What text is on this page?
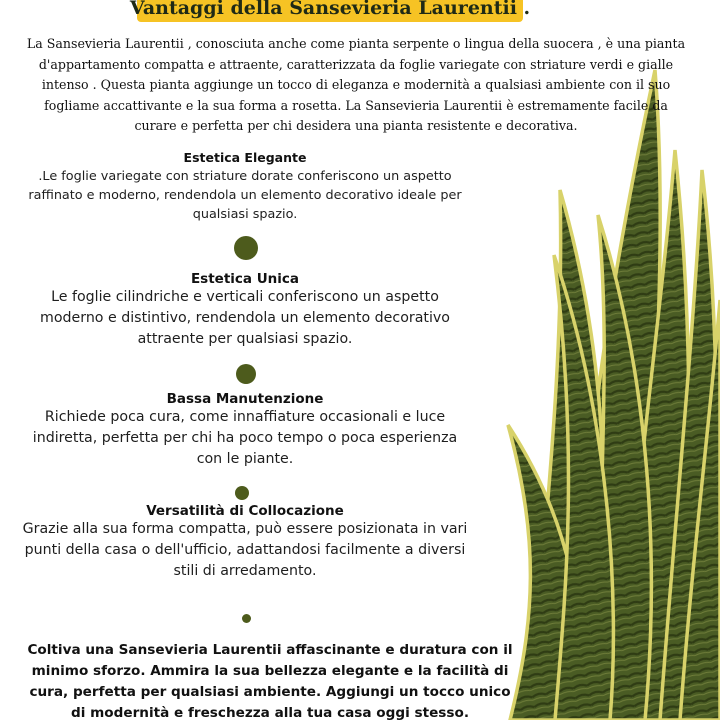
Vantaggi della Sansevieria Laurentii .
La Sansevieria Laurentii , conosciuta anche come pianta serpente o lingua della suocera , è una pianta d'appartamento compatta e attraente, caratterizzata da foglie variegate con striature verdi e gialle intenso . Questa pianta aggiunge un tocco di eleganza e modernità a qualsiasi ambiente con il suo fogliame accattivante e la sua forma a rosetta. La Sansevieria Laurentii è estremamente facile da curare e perfetta per chi desidera una pianta resistente e decorativa.
Estetica Elegante
.Le foglie variegate con striature dorate conferiscono un aspetto raffinato e moderno, rendendola un elemento decorativo ideale per qualsiasi spazio.
Estetica Unica
Le foglie cilindriche e verticali conferiscono un aspetto moderno e distintivo, rendendola un elemento decorativo attraente per qualsiasi spazio.
Bassa Manutenzione
Richiede poca cura, come innaffiature occasionali e luce indiretta, perfetta per chi ha poco tempo o poca esperienza con le piante.
Versatilità di Collocazione
Grazie alla sua forma compatta, può essere posizionata in vari punti della casa o dell'ufficio, adattandosi facilmente a diversi stili di arredamento.
Coltiva una Sansevieria Laurentii affascinante e duratura con il minimo sforzo. Ammira la sua bellezza elegante e la facilità di cura, perfetta per qualsiasi ambiente. Aggiungi un tocco unico di modernità e freschezza alla tua casa oggi stesso.
